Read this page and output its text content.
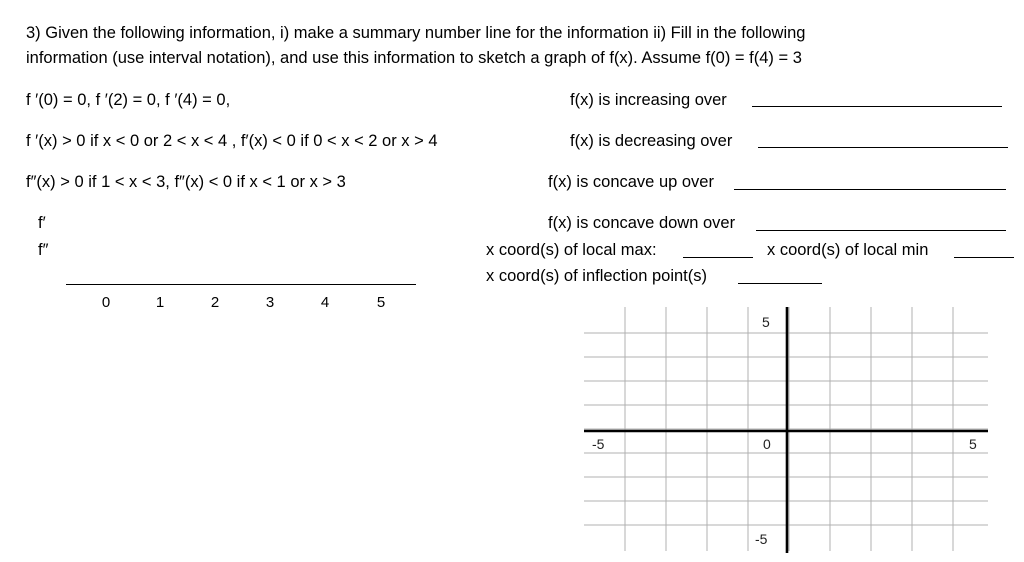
3) Given the following information, i) make a summary number line for the information ii) Fill in the following
information (use interval notation), and use this information to sketch a graph of f(x). Assume f(0) = f(4) = 3
f ′(0) = 0, f ′(2) = 0, f ′(4) = 0,
f ′(x) > 0 if x < 0 or 2 < x < 4 , f′(x) < 0 if 0 < x < 2 or x > 4
f″(x) > 0 if 1 < x < 3, f″(x) < 0 if x < 1 or x > 3
f′
f″
0	1	2	3	4	5
f(x) is increasing over
f(x) is decreasing over
f(x) is concave up over
f(x) is concave down over
x coord(s) of local max:	x coord(s) of local min
x coord(s) of inflection point(s)
5
-5	0	5
-5
